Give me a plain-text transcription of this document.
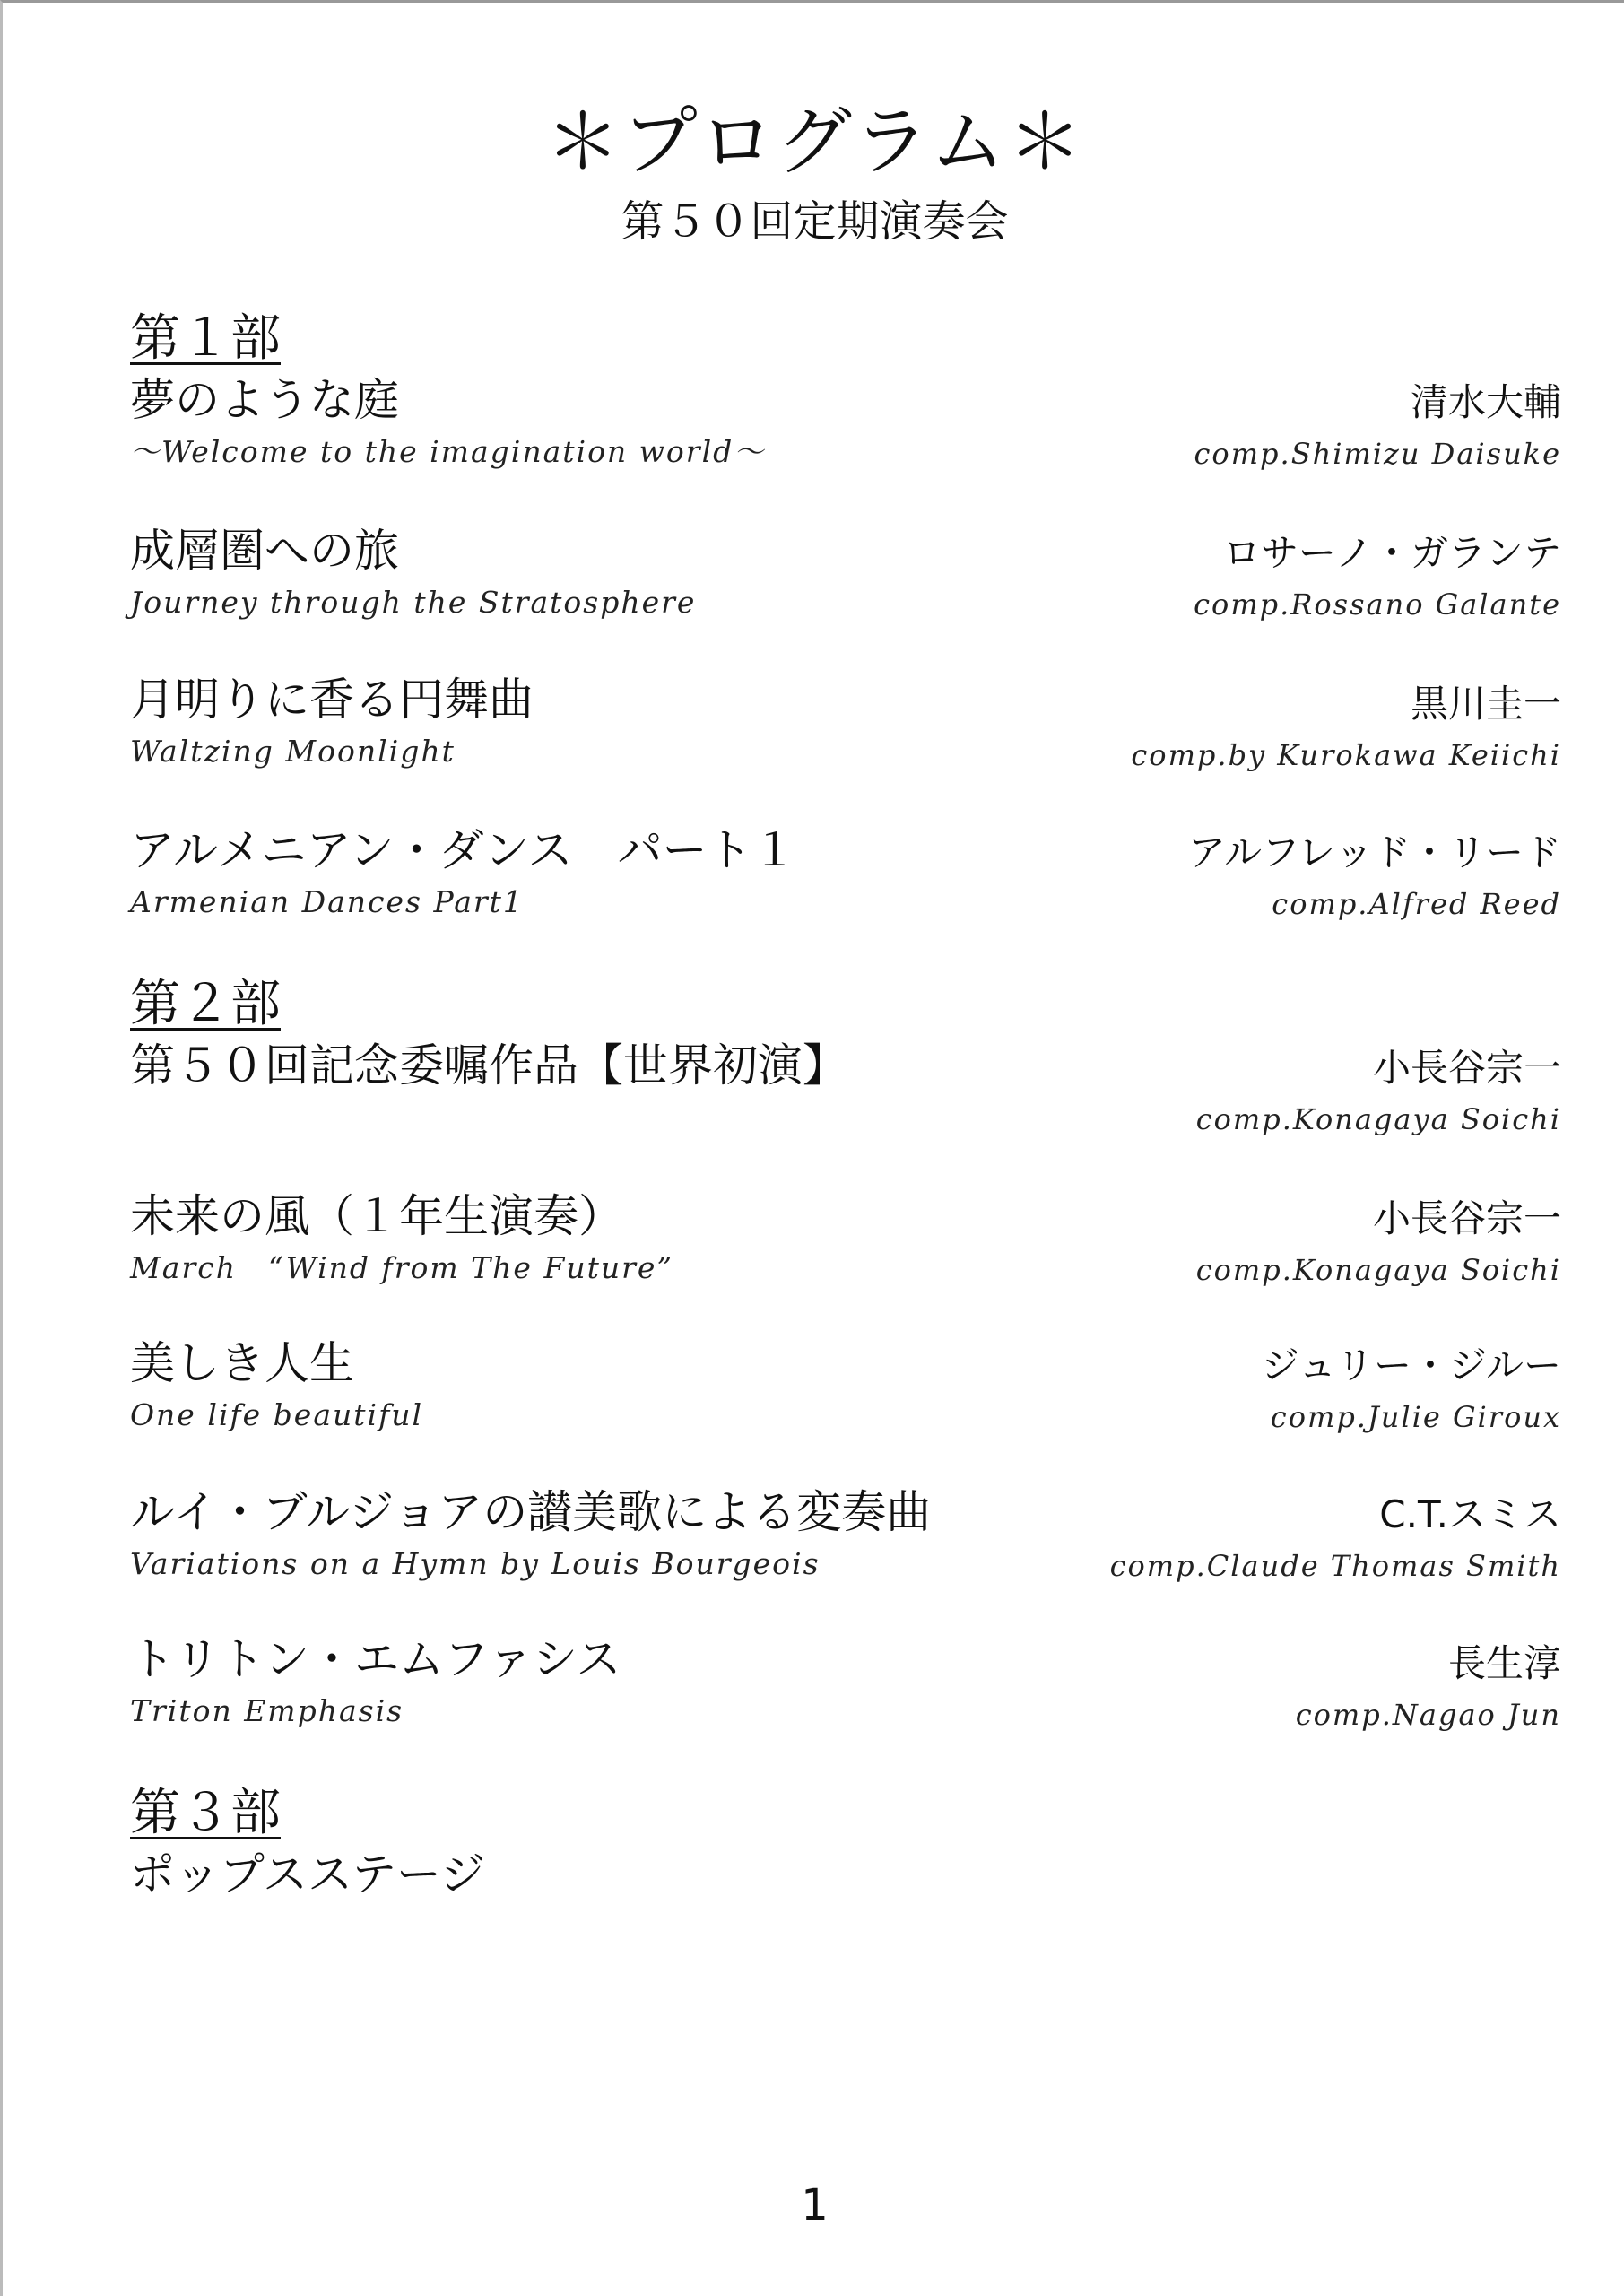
＊プログラム＊
第５０回定期演奏会
第１部
夢のような庭
～Welcome to the imagination world～
清水大輔
comp.Shimizu Daisuke
成層圏への旅
Journey through the Stratosphere
ロサーノ・ガランテ
comp.Rossano Galante
月明りに香る円舞曲
Waltzing Moonlight
黒川圭一
comp.by Kurokawa Keiichi
アルメニアン・ダンス　パート１
Armenian Dances Part1
アルフレッド・リード
comp.Alfred Reed
第２部
第５０回記念委嘱作品【世界初演】	小長谷宗一
comp.Konagaya Soichi
未来の風（１年生演奏）
March　“Wind from The Future”
小長谷宗一
comp.Konagaya Soichi
美しき人生
One life beautiful
ジュリー・ジルー
comp.Julie Giroux
ルイ・ブルジョアの讃美歌による変奏曲
Variations on a Hymn by Louis Bourgeois
C.T.スミス
comp.Claude Thomas Smith
トリトン・エムファシス
Triton Emphasis
長生淳
comp.Nagao Jun
第３部
ポップスステージ
1
